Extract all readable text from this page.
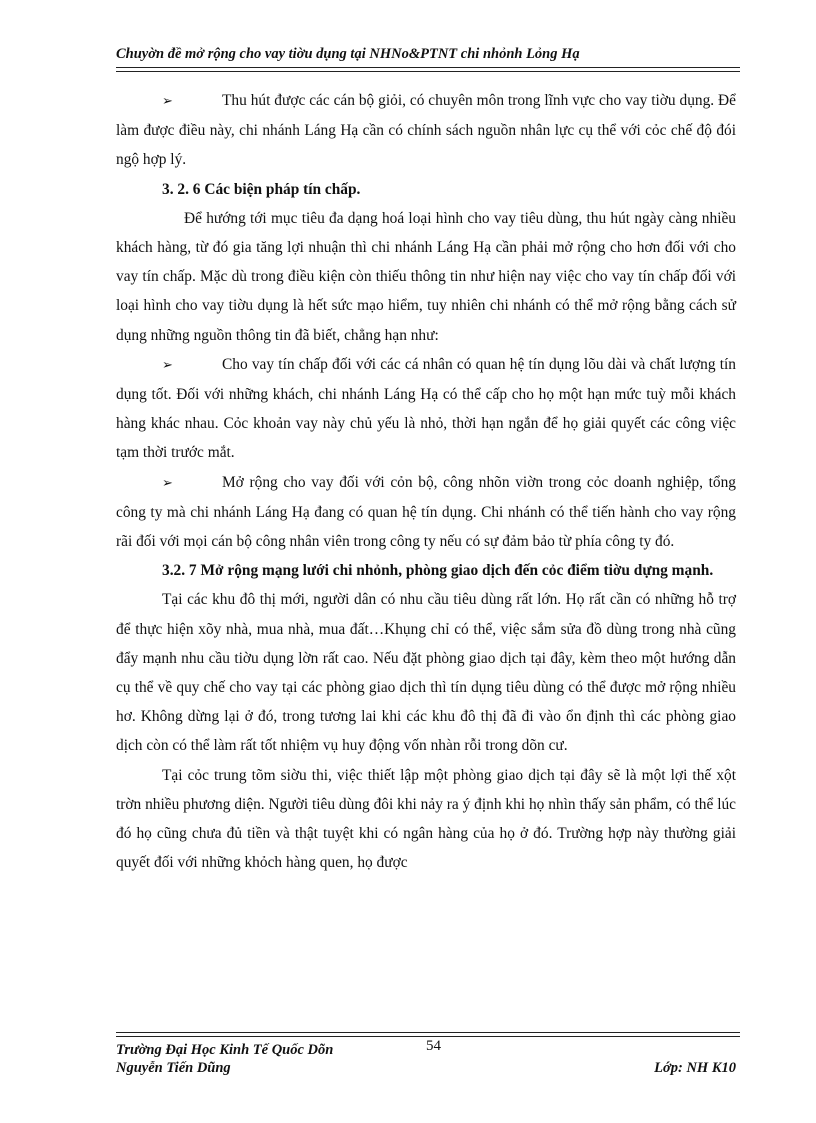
Chuyờn đề mở rộng cho vay tiờu dụng tại NHNo&PTNT chi nhỏnh Lỏng Hạ

➢	Thu hút được các cán bộ giỏi, có chuyên môn trong lĩnh vực cho vay tiờu dụng. Để làm được điều này, chi nhánh Láng Hạ cần có chính sách nguồn nhân lực cụ thể với cỏc chế độ đói ngộ hợp lý.

3. 2. 6 Các biện pháp tín chấp.

Để hướng tới mục tiêu đa dạng hoá loại hình cho vay tiêu dùng, thu hút ngày càng nhiều khách hàng, từ đó gia tăng lợi nhuận thì chi nhánh Láng Hạ cần phải mở rộng cho hơn đối với cho vay tín chấp. Mặc dù trong điều kiện còn thiếu thông tin như hiện nay việc cho vay tín chấp đối với loại hình cho vay tiờu dụng là hết sức mạo hiểm, tuy nhiên chi nhánh có thể mở rộng bằng cách sử dụng những nguồn thông tin đã biết, chẳng hạn như:

➢	Cho vay tín chấp đối với các cá nhân có quan hệ tín dụng lõu dài và chất lượng tín dụng tốt. Đối với những khách, chi nhánh Láng Hạ có thể cấp cho họ một hạn mức tuỳ mỗi khách hàng khác nhau. Cỏc khoản vay này chủ yếu là nhỏ, thời hạn ngắn để họ giải quyết các công việc tạm thời trước mắt.

➢	Mở rộng cho vay đối với cỏn bộ, công nhõn viờn trong cỏc doanh nghiệp, tổng công ty mà chi nhánh Láng Hạ đang có quan hệ tín dụng. Chi nhánh có thể tiến hành cho vay rộng rãi đối với mọi cán bộ công nhân viên trong công ty nếu có sự đảm bảo từ phía công ty đó.

3.2. 7 Mở rộng mạng lưới chi nhỏnh, phòng giao dịch đến cỏc điểm tiờu dựng mạnh.

Tại các khu đô thị mới, người dân có nhu cầu tiêu dùng rất lớn. Họ rất cần có những hỗ trợ để thực hiện xõy nhà, mua nhà, mua đất…Khụng chỉ có thể, việc sắm sửa đồ dùng trong nhà cũng đẩy mạnh nhu cầu tiờu dụng lờn rất cao. Nếu đặt phòng giao dịch tại đây, kèm theo một hướng dẫn cụ thể về quy chế cho vay tại các phòng giao dịch thì tín dụng tiêu dùng có thể được mở rộng nhiều hơ. Không dừng lại ở đó, trong tương lai khi các khu đô thị đã đi vào ổn định thì các phòng giao dịch còn có thể làm rất tốt nhiệm vụ huy động vốn nhàn rỗi trong dõn cư.

Tại cỏc trung tõm siờu thi, việc thiết lập một phòng giao dịch tại đây sẽ là một lợi thế xột trờn nhiều phương diện. Người tiêu dùng đôi khi nảy ra ý định khi họ nhìn thấy sản phẩm, có thể lúc đó họ cũng chưa đủ tiền và thật tuyệt khi có ngân hàng của họ ở đó. Trường hợp này thường giải quyết đối với những khỏch hàng quen, họ được

Trường Đại Học Kinh Tế Quốc Dõn	54
Nguyễn Tiến Dũng	Lớp: NH K10
